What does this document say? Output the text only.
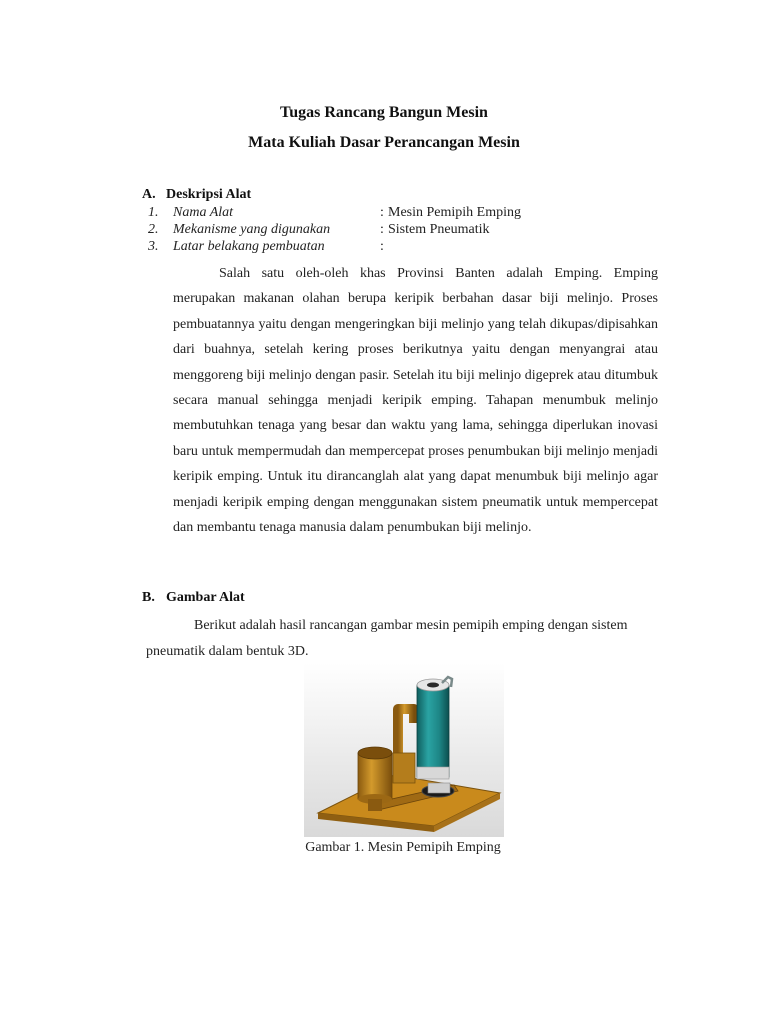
Tugas Rancang Bangun Mesin
Mata Kuliah Dasar Perancangan Mesin
A. Deskripsi Alat
1.	Nama Alat	: Mesin Pemipih Emping
2.	Mekanisme yang digunakan	: Sistem Pneumatik
3.	Latar belakang pembuatan	:
Salah satu oleh-oleh khas Provinsi Banten adalah Emping. Emping merupakan makanan olahan berupa keripik berbahan dasar biji melinjo. Proses pembuatannya yaitu dengan mengeringkan biji melinjo yang telah dikupas/dipisahkan dari buahnya, setelah kering proses berikutnya yaitu dengan menyangrai atau menggoreng biji melinjo dengan pasir. Setelah itu biji melinjo digeprek atau ditumbuk secara manual sehingga menjadi keripik emping. Tahapan menumbuk melinjo membutuhkan tenaga yang besar dan waktu yang lama, sehingga diperlukan inovasi baru untuk mempermudah dan mempercepat proses penumbukan biji melinjo menjadi keripik emping. Untuk itu dirancanglah alat yang dapat menumbuk biji melinjo agar menjadi keripik emping dengan menggunakan sistem pneumatik untuk mempercepat dan membantu tenaga manusia dalam penumbukan biji melinjo.
B. Gambar Alat
Berikut adalah hasil rancangan gambar mesin pemipih emping dengan sistem pneumatik dalam bentuk 3D.
Gambar 1. Mesin Pemipih Emping
